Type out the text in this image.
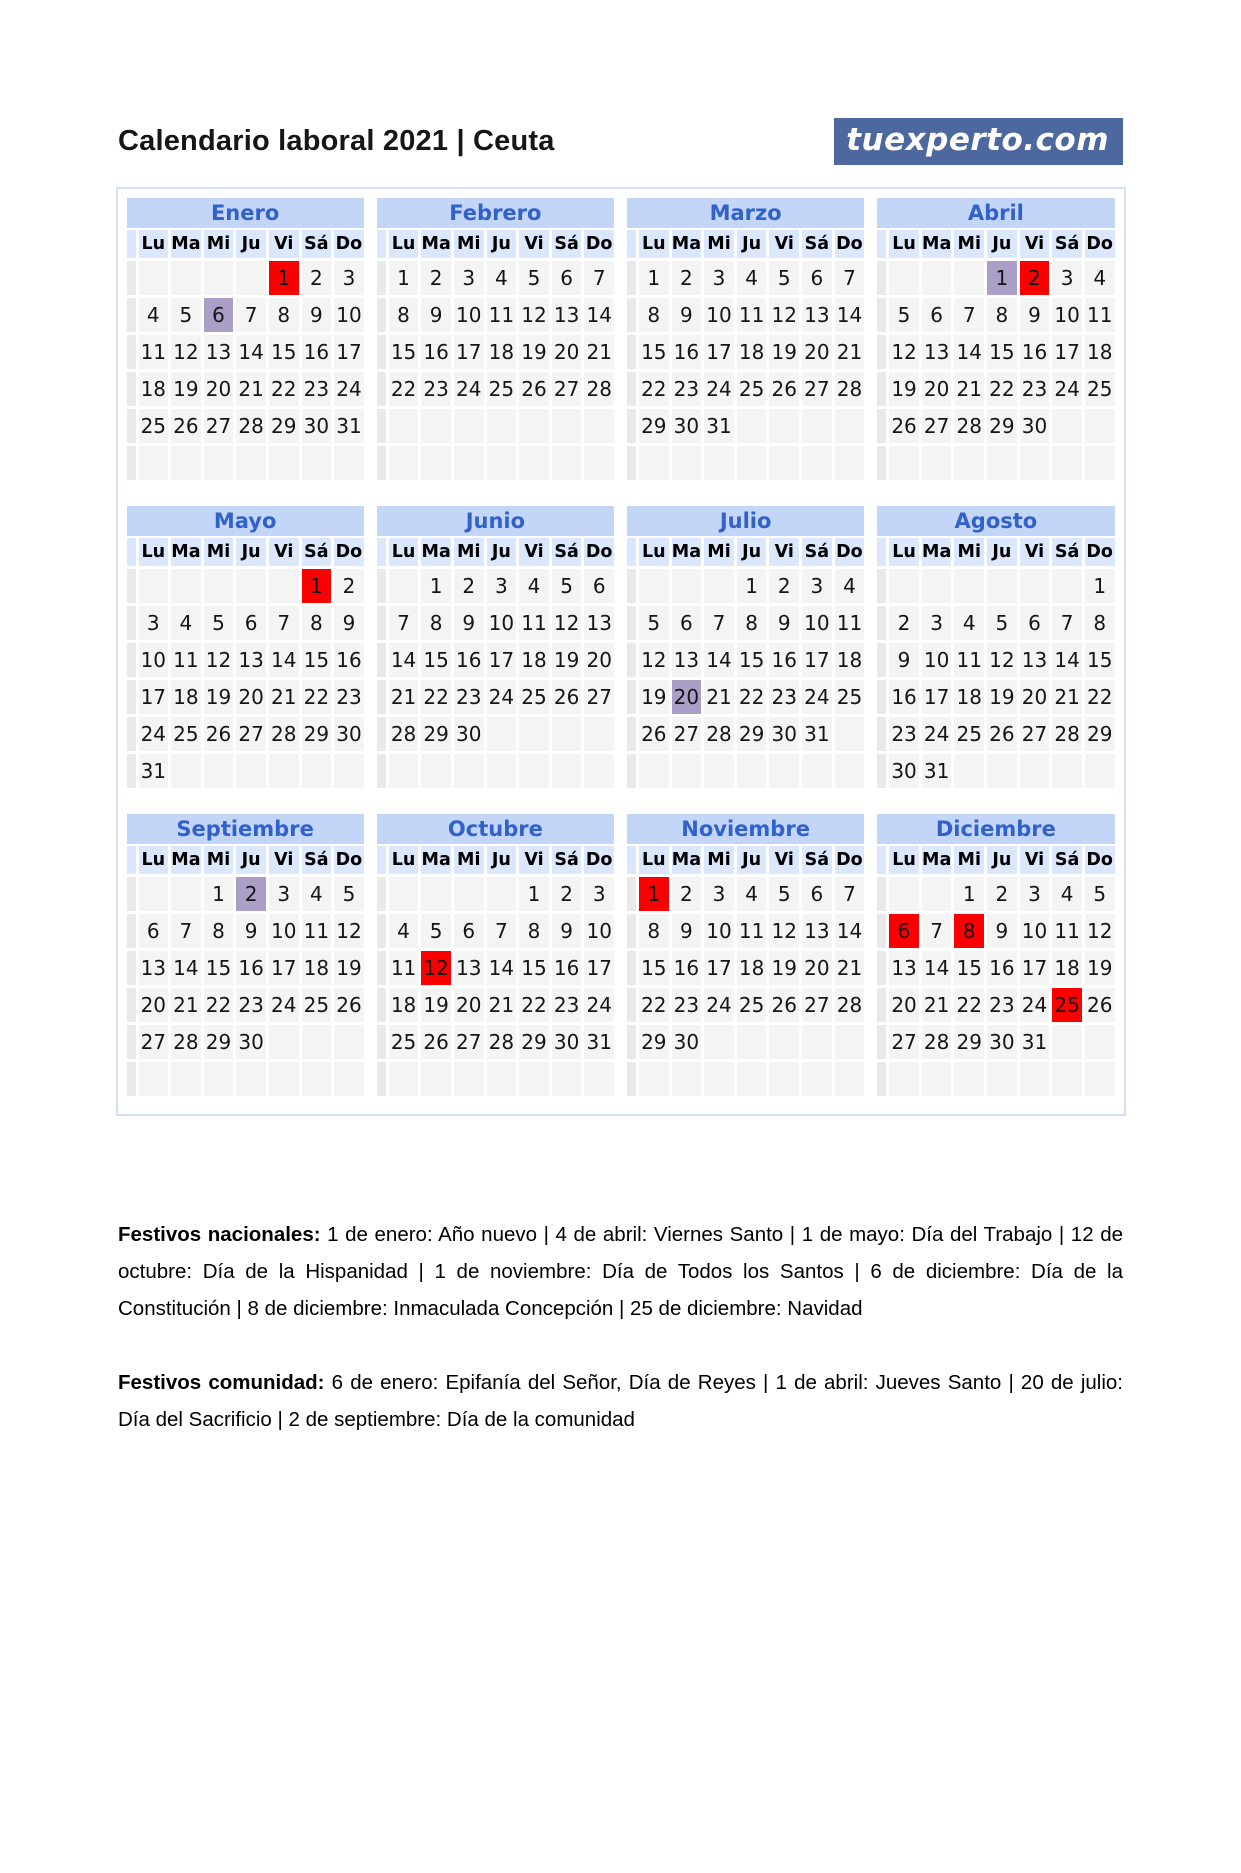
Calendario laboral 2021 | Ceuta	tuexperto.com
Enero
Lu Ma Mi Ju Vi Sá Do
1 2 3
4 5 6 7 8 9 10
11 12 13 14 15 16 17
18 19 20 21 22 23 24
25 26 27 28 29 30 31
Febrero
Lu Ma Mi Ju Vi Sá Do
1 2 3 4 5 6 7
8 9 10 11 12 13 14
15 16 17 18 19 20 21
22 23 24 25 26 27 28
Marzo
Lu Ma Mi Ju Vi Sá Do
1 2 3 4 5 6 7
8 9 10 11 12 13 14
15 16 17 18 19 20 21
22 23 24 25 26 27 28
29 30 31
Abril
Lu Ma Mi Ju Vi Sá Do
1 2 3 4
5 6 7 8 9 10 11
12 13 14 15 16 17 18
19 20 21 22 23 24 25
26 27 28 29 30
Mayo
Lu Ma Mi Ju Vi Sá Do
1 2
3 4 5 6 7 8 9
10 11 12 13 14 15 16
17 18 19 20 21 22 23
24 25 26 27 28 29 30
31
Junio
Lu Ma Mi Ju Vi Sá Do
1 2 3 4 5 6
7 8 9 10 11 12 13
14 15 16 17 18 19 20
21 22 23 24 25 26 27
28 29 30
Julio
Lu Ma Mi Ju Vi Sá Do
1 2 3 4
5 6 7 8 9 10 11
12 13 14 15 16 17 18
19 20 21 22 23 24 25
26 27 28 29 30 31
Agosto
Lu Ma Mi Ju Vi Sá Do
1
2 3 4 5 6 7 8
9 10 11 12 13 14 15
16 17 18 19 20 21 22
23 24 25 26 27 28 29
30 31
Septiembre
Lu Ma Mi Ju Vi Sá Do
1 2 3 4 5
6 7 8 9 10 11 12
13 14 15 16 17 18 19
20 21 22 23 24 25 26
27 28 29 30
Octubre
Lu Ma Mi Ju Vi Sá Do
1 2 3
4 5 6 7 8 9 10
11 12 13 14 15 16 17
18 19 20 21 22 23 24
25 26 27 28 29 30 31
Noviembre
Lu Ma Mi Ju Vi Sá Do
1 2 3 4 5 6 7
8 9 10 11 12 13 14
15 16 17 18 19 20 21
22 23 24 25 26 27 28
29 30
Diciembre
Lu Ma Mi Ju Vi Sá Do
1 2 3 4 5
6 7 8 9 10 11 12
13 14 15 16 17 18 19
20 21 22 23 24 25 26
27 28 29 30 31

Festivos nacionales: 1 de enero: Año nuevo | 4 de abril: Viernes Santo | 1 de mayo: Día del Trabajo | 12 de octubre: Día de la Hispanidad | 1 de noviembre: Día de Todos los Santos | 6 de diciembre: Día de la Constitución | 8 de diciembre: Inmaculada Concepción | 25 de diciembre: Navidad

Festivos comunidad: 6 de enero: Epifanía del Señor, Día de Reyes | 1 de abril: Jueves Santo | 20 de julio: Día del Sacrificio | 2 de septiembre: Día de la comunidad
